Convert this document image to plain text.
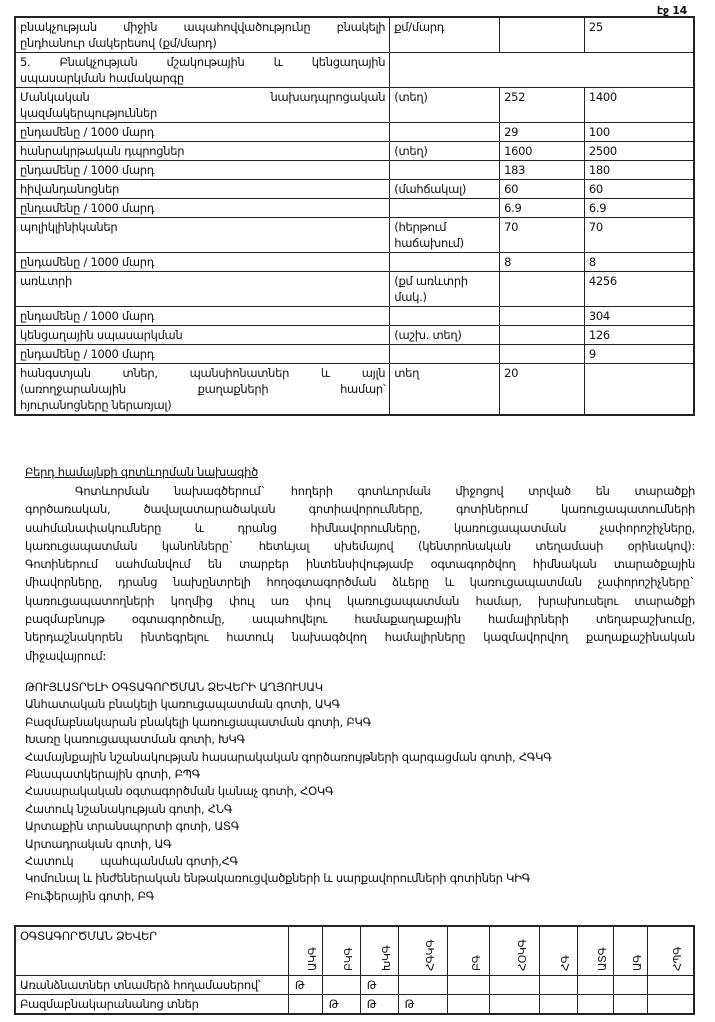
էջ 14
բնակչության միջին ապահովվածությունը բնակելի
ընդհանուր մակերեսով (քմ/մարդ)	քմ/մարդ		25

5. Բնակչության մշակութային և կենցաղային
սպասարկման համակարգը			

Մանկական նախադպրոցական
կազմակերպություններ	(տեղ)	252	1400

ընդամենը / 1000 մարդ		29	100

հանրակրթական դպրոցներ	(տեղ)	1600	2500

ընդամենը / 1000 մարդ		183	180

հիվանդանոցներ	(մահճակալ)	60	60

ընդամենը / 1000 մարդ		6.9	6.9

պոլիկլինիկաներ	(հերթում հաճախում)	70	70

ընդամենը / 1000 մարդ		8	8

առևտրի	(քմ առևտրի մակ.)		4256

ընդամենը / 1000 մարդ			304

կենցաղային սպասարկման	(աշխ. տեղ)		126

ընդամենը / 1000 մարդ			9

հանգստյան տներ, պանսիոնատներ և այլն
(առողջարանային քաղաքների համար՝
հյուրանոցները ներառյալ)	տեղ	20	
Բերդ համայնքի գոտևորման նախագիծ
Գոտևորման նախագծերում` հողերի գոտևորման միջոցով տրված են տարածքի
գործառական, ծավալատարածական գոտիավորումները, գոտիներում կառուցապատումների
սահմանափակումները և դրանց հիմնավորումները, կառուցապատման չափորոշիչները,
կառուցապատման կանոնները` հետևյալ սխեմայով (կենտրոնական տեղամասի օրինակով):
Գոտիներում սահմանվում են տարբեր ինտենսիվությամբ օգտագործվող հիմնական տարածքային
միավորները, դրանց նախընտրելի հողօգտագործման ձևերը և կառուցապատման չափորոշիչները`
կառուցապատողների կողմից փուլ առ փուլ կառուցապատման համար, խրախուսելու տարածքի
բազմաբնույթ օգտագործումը, ապահովելու համաքաղաքային համալիրների տեղաբաշխումը,
ներդաշնակորեն ինտեգրելու հատուկ նախագծվող համալիրները կազմավորվող քաղաքաշինական
միջավայրում:
ԹՈՒՅԼԱՏՐԵԼԻ ՕԳՏԱԳՈՐԾՄԱՆ ՁԵՎԵՐԻ ԱՂՅՈՒՍԱԿ
Անհատական բնակելի կառուցապատման գոտի, ԱԿԳ
Բազմաբնակարան բնակելի կառուցապատման գոտի, ԲԿԳ
Խառը կառուցապատման գոտի, ԽԿԳ
Համայնքային նշանակության հասարակական գործառույթների զարգացման գոտի, ՀԳԿԳ
Բնապատկերային գոտի, ԲՊԳ
Հասարակական օգտագործման կանաչ գոտի, ՀՕԿԳ
Հատուկ նշանակության գոտի, ՀՆԳ
Արտաքին տրանսպորտի գոտի, ԱՏԳ
Արտադրական գոտի, ԱԳ
Հատուկ        պահպանման գոտի,ՀԳ
Կոմունալ և ինժեներական ենթակառուցվածքների և սարքավորումների գոտիներ ԿԻԳ
Բուֆերային գոտի, ԲԳ
ՕԳՏԱԳՈՐԾՄԱՆ ՁԵՎԵՐ	ԱԿԳ	ԲԿԳ	ԽԿԳ	ՀԳԿԳ	ԲԳ	ՀՕԿԳ	ՀԳ	ԱՏԳ	ԱԳ	ՀՊԳ

Առանձնատներ տնամերձ հողամասերով՝	Թ		Թ							
Բազմաբնակարանանոց տներ		Թ	Թ	Թ						
